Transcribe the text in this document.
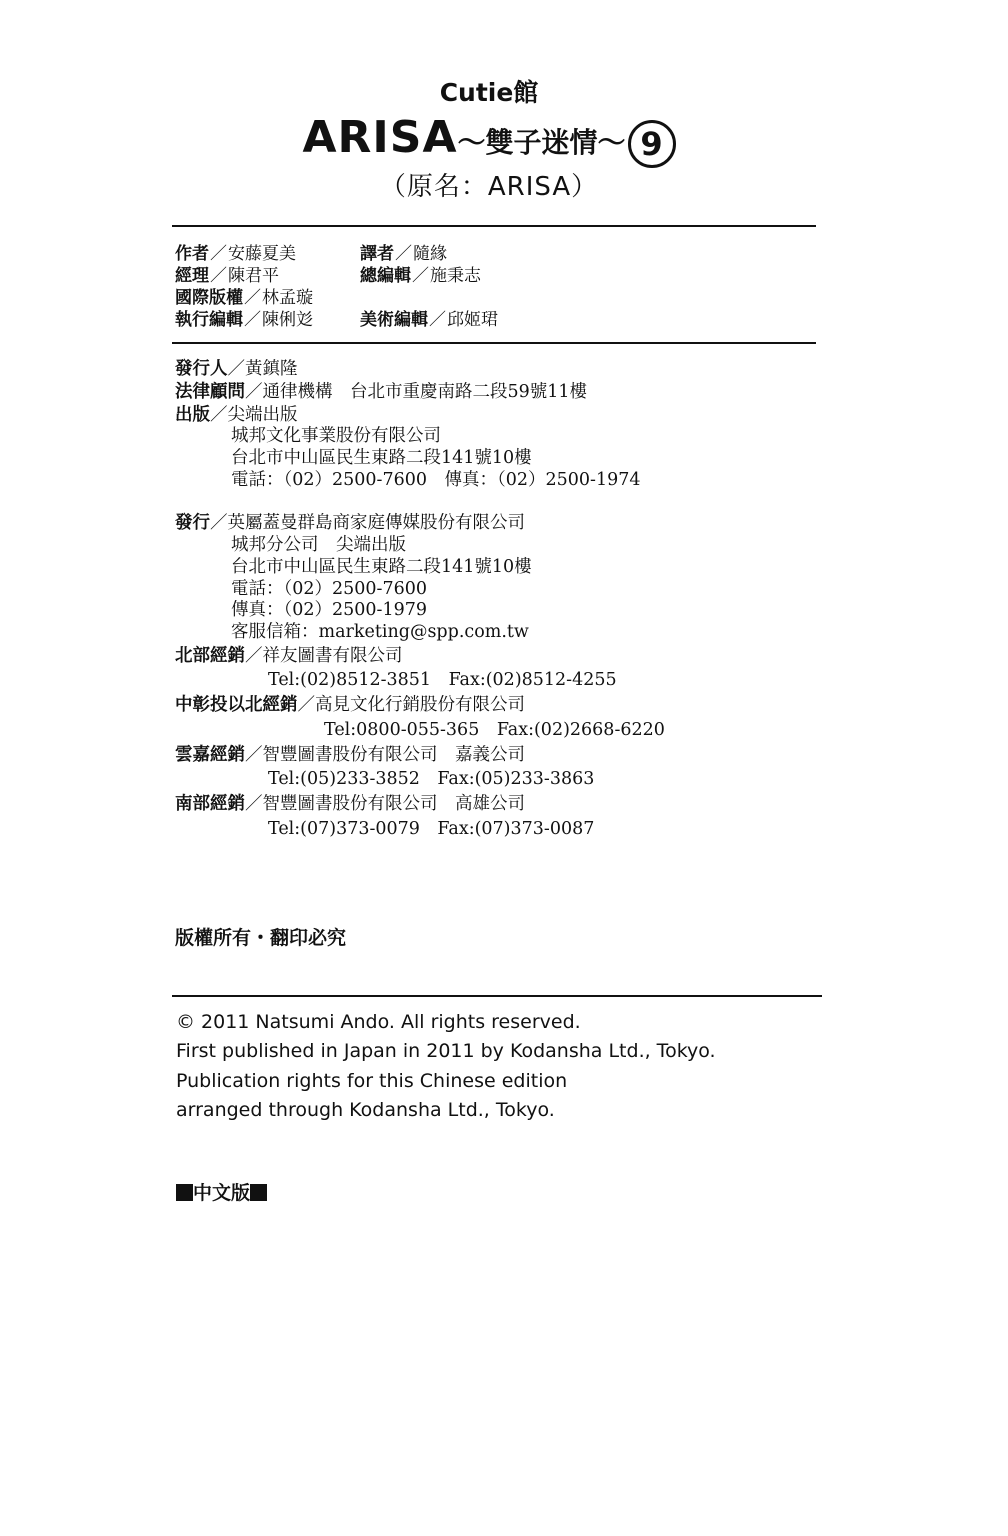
Cutie館
ARISA～雙子迷情～ 9
（原名：ARISA）
作者／安藤夏美	譯者／隨緣
經理／陳君平	總編輯／施秉志
國際版權／林孟璇
執行編輯／陳俐彣	美術編輯／邱姬珺
發行人／黃鎮隆
法律顧問／通律機構　台北市重慶南路二段59號11樓
出版／尖端出版
城邦文化事業股份有限公司
台北市中山區民生東路二段141號10樓
電話：（02）2500-7600　傳真：（02）2500-1974
發行／英屬蓋曼群島商家庭傳媒股份有限公司
城邦分公司　尖端出版
台北市中山區民生東路二段141號10樓
電話：（02）2500-7600
傳真：（02）2500-1979
客服信箱：marketing@spp.com.tw
北部經銷／祥友圖書有限公司
Tel:(02)8512-3851　Fax:(02)8512-4255
中彰投以北經銷／高見文化行銷股份有限公司
Tel:0800-055-365　Fax:(02)2668-6220
雲嘉經銷／智豐圖書股份有限公司　嘉義公司
Tel:(05)233-3852　Fax:(05)233-3863
南部經銷／智豐圖書股份有限公司　高雄公司
Tel:(07)373-0079　Fax:(07)373-0087
版權所有・翻印必究
© 2011 Natsumi Ando. All rights reserved.
First published in Japan in 2011 by Kodansha Ltd., Tokyo.
Publication rights for this Chinese edition
arranged through Kodansha Ltd., Tokyo.
中文版
